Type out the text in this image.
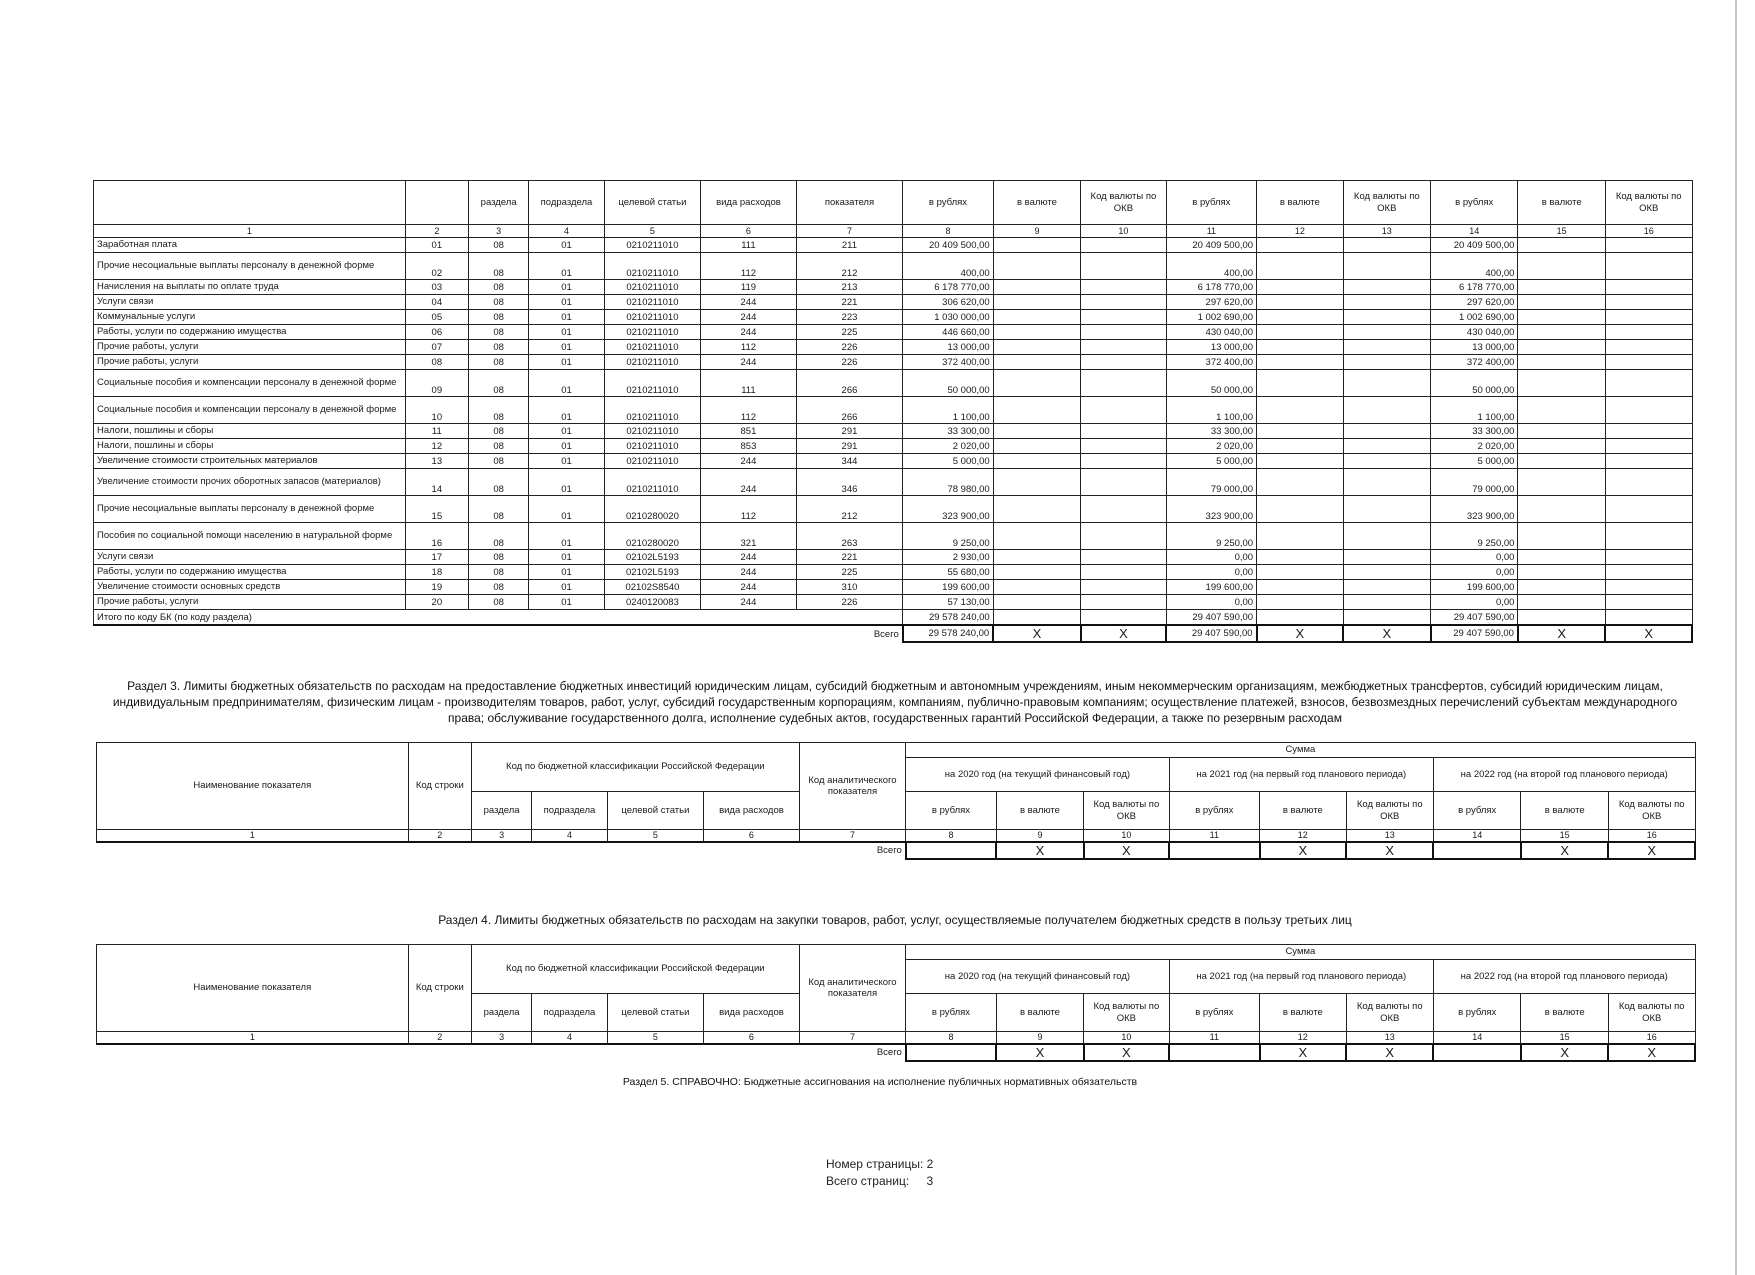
		раздела	подраздела	целевой статьи	вида расходов	показателя	в рублях	в валюте	Код валюты по ОКВ	в рублях	в валюте	Код валюты по ОКВ	в рублях	в валюте	Код валюты по ОКВ
1	2	3	4	5	6	7	8	9	10	11	12	13	14	15	16
Заработная плата	01	08	01	0210211010	111	211	20 409 500,00			20 409 500,00			20 409 500,00		
Прочие несоциальные выплаты персоналу в денежной форме	02	08	01	0210211010	112	212	400,00			400,00			400,00		
Начисления на выплаты по оплате труда	03	08	01	0210211010	119	213	6 178 770,00			6 178 770,00			6 178 770,00		
Услуги связи	04	08	01	0210211010	244	221	306 620,00			297 620,00			297 620,00		
Коммунальные услуги	05	08	01	0210211010	244	223	1 030 000,00			1 002 690,00			1 002 690,00		
Работы, услуги по содержанию имущества	06	08	01	0210211010	244	225	446 660,00			430 040,00			430 040,00		
Прочие работы, услуги	07	08	01	0210211010	112	226	13 000,00			13 000,00			13 000,00		
Прочие работы, услуги	08	08	01	0210211010	244	226	372 400,00			372 400,00			372 400,00		
Социальные пособия и компенсации персоналу в денежной форме	09	08	01	0210211010	111	266	50 000,00			50 000,00			50 000,00		
Социальные пособия и компенсации персоналу в денежной форме	10	08	01	0210211010	112	266	1 100,00			1 100,00			1 100,00		
Налоги, пошлины и сборы	11	08	01	0210211010	851	291	33 300,00			33 300,00			33 300,00		
Налоги, пошлины и сборы	12	08	01	0210211010	853	291	2 020,00			2 020,00			2 020,00		
Увеличение стоимости строительных материалов	13	08	01	0210211010	244	344	5 000,00			5 000,00			5 000,00		
Увеличение стоимости прочих оборотных запасов (материалов)	14	08	01	0210211010	244	346	78 980,00			79 000,00			79 000,00		
Прочие несоциальные выплаты персоналу в денежной форме	15	08	01	0210280020	112	212	323 900,00			323 900,00			323 900,00		
Пособия по социальной помощи населению в натуральной форме	16	08	01	0210280020	321	263	9 250,00			9 250,00			9 250,00		
Услуги связи	17	08	01	02102L5193	244	221	2 930,00			0,00			0,00		
Работы, услуги по содержанию имущества	18	08	01	02102L5193	244	225	55 680,00			0,00			0,00		
Увеличение стоимости основных средств	19	08	01	02102S8540	244	310	199 600,00			199 600,00			199 600,00		
Прочие работы, услуги	20	08	01	0240120083	244	226	57 130,00			0,00			0,00		
Итого по коду БК (по коду раздела)							29 578 240,00			29 407 590,00			29 407 590,00		
Всего							29 578 240,00	X	X	29 407 590,00	X	X	29 407 590,00	X	X
Раздел 3. Лимиты бюджетных обязательств по расходам на предоставление бюджетных инвестиций юридическим лицам, субсидий бюджетным и автономным учреждениям, иным некоммерческим организациям, межбюджетных трансфертов, субсидий юридическим лицам, индивидуальным предпринимателям, физическим лицам - производителям товаров, работ, услуг, субсидий государственным корпорациям, компаниям, публично-правовым компаниям; осуществление платежей, взносов, безвозмездных перечислений субъектам международного права; обслуживание государственного долга, исполнение судебных актов, государственных гарантий Российской Федерации, а также по резервным расходам
Наименование показателя	Код строки	Код по бюджетной классификации Российской Федерации				Код аналитического показателя	Сумма								
							на 2020 год (на текущий финансовый год)			на 2021 год (на первый год планового периода)			на 2022 год (на второй год планового периода)		
		раздела	подраздела	целевой статьи	вида расходов		в рублях	в валюте	Код валюты по ОКВ	в рублях	в валюте	Код валюты по ОКВ	в рублях	в валюте	Код валюты по ОКВ
1	2	3	4	5	6	7	8	9	10	11	12	13	14	15	16
Всего								X	X		X	X		X	X
Раздел 4. Лимиты бюджетных обязательств по расходам на закупки товаров, работ, услуг, осуществляемые получателем бюджетных средств в пользу третьих лиц
Наименование показателя	Код строки	Код по бюджетной классификации Российской Федерации				Код аналитического показателя	Сумма								
							на 2020 год (на текущий финансовый год)			на 2021 год (на первый год планового периода)			на 2022 год (на второй год планового периода)		
		раздела	подраздела	целевой статьи	вида расходов		в рублях	в валюте	Код валюты по ОКВ	в рублях	в валюте	Код валюты по ОКВ	в рублях	в валюте	Код валюты по ОКВ
1	2	3	4	5	6	7	8	9	10	11	12	13	14	15	16
Всего								X	X		X	X		X	X
Раздел 5. СПРАВОЧНО: Бюджетные ассигнования на исполнение публичных нормативных обязательств
Номер страницы: 2
Всего страниц: 3
